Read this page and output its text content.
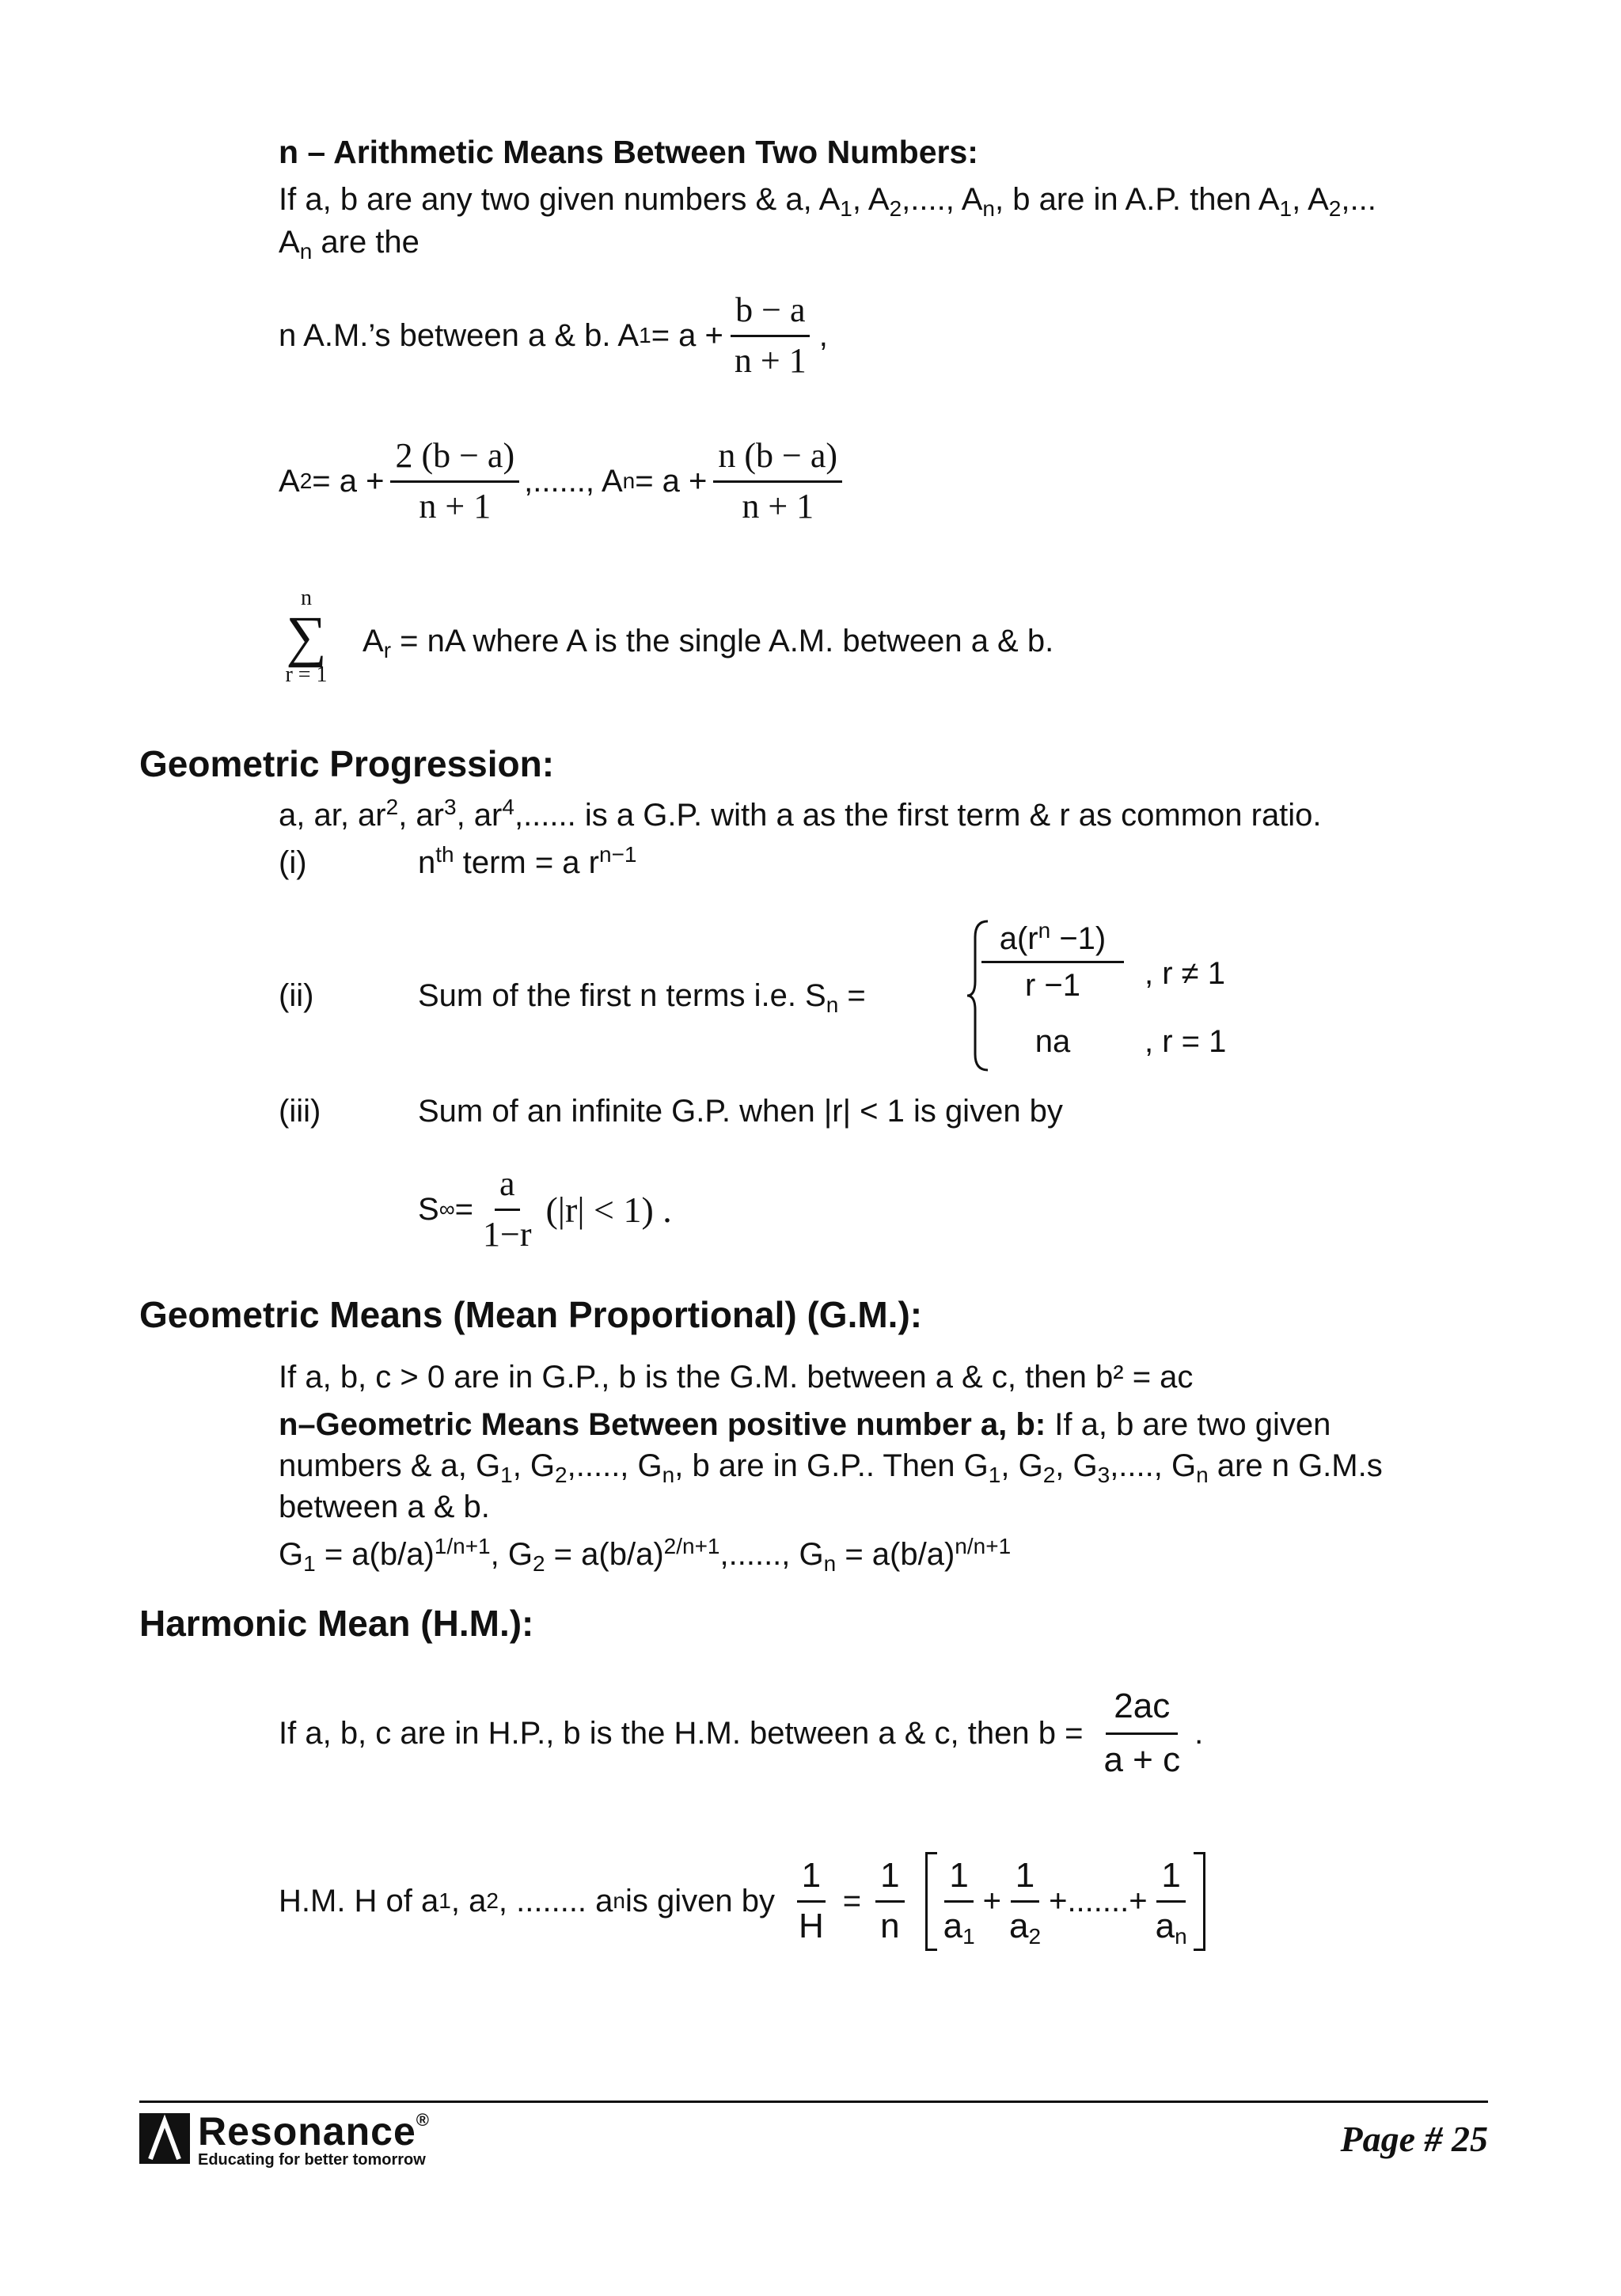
n – Arithmetic Means Between Two Numbers:
If a, b are any two given numbers & a, $A_1$, $A_2$,...., $A_n$, b are in A.P. then $A_1$, $A_2$,...
$A_n$ are the
n A.M.’s between a & b. A $1 = a + \frac{b - a}{n + 1}$ ,
A $2 = a + \frac{2 (b - a)}{n + 1}$ ,......, A $n = a + \frac{n (b - a)}{n + 1}$
n
∑
r = 1
$A_r$ = nA where A is the single A.M. between a & b.
Geometric Progression:
a, ar, $ar^2$, $ar^3$, $ar^4$,...... is a G.P. with a as the first term & r as common ratio.
(i)	$n^{th}$ term = a $r^{n-1}$
(ii)	Sum of the first n terms i.e. $S_n$ =
$a(r^n -1)$
r −1	, r ≠ 1
na	, r = 1
(iii)	Sum of an infinite G.P. when |r| < 1 is given by
S ∞ = $\frac{a}{1-r} (|r| < 1)$ .
Geometric Means (Mean Proportional) (G.M.):
If a, b, c > 0 are in G.P., b is the G.M. between a & c, then b² = ac
n–Geometric Means Between positive number a, b: If a, b are two given
numbers & a, $G_1$, $G_2$,....., $G_n$, b are in G.P.. Then $G_1$, $G_2$, $G_3$,...., $G_n$ are n G.M.s
between a & b.
$G_1 = a(b/a)^{1/n+1}$, $G_2 = a(b/a)^{2/n+1}$,......, $G_n = a(b/a)^{n/n+1}$
Harmonic Mean (H.M.):
If a, b, c are in H.P., b is the H.M. between a & c, then $b = \frac{2ac}{a + c}$ .
H.M. H of a 1 , a 2 , ........ a n is given by $\frac{1}{H} = \frac{1}{n} \frac{1}{a_1} + \frac{1}{a_2}$ +.......+ $\frac{1}{a_n}$
Resonance®
Educating for better tomorrow
Page # 25
